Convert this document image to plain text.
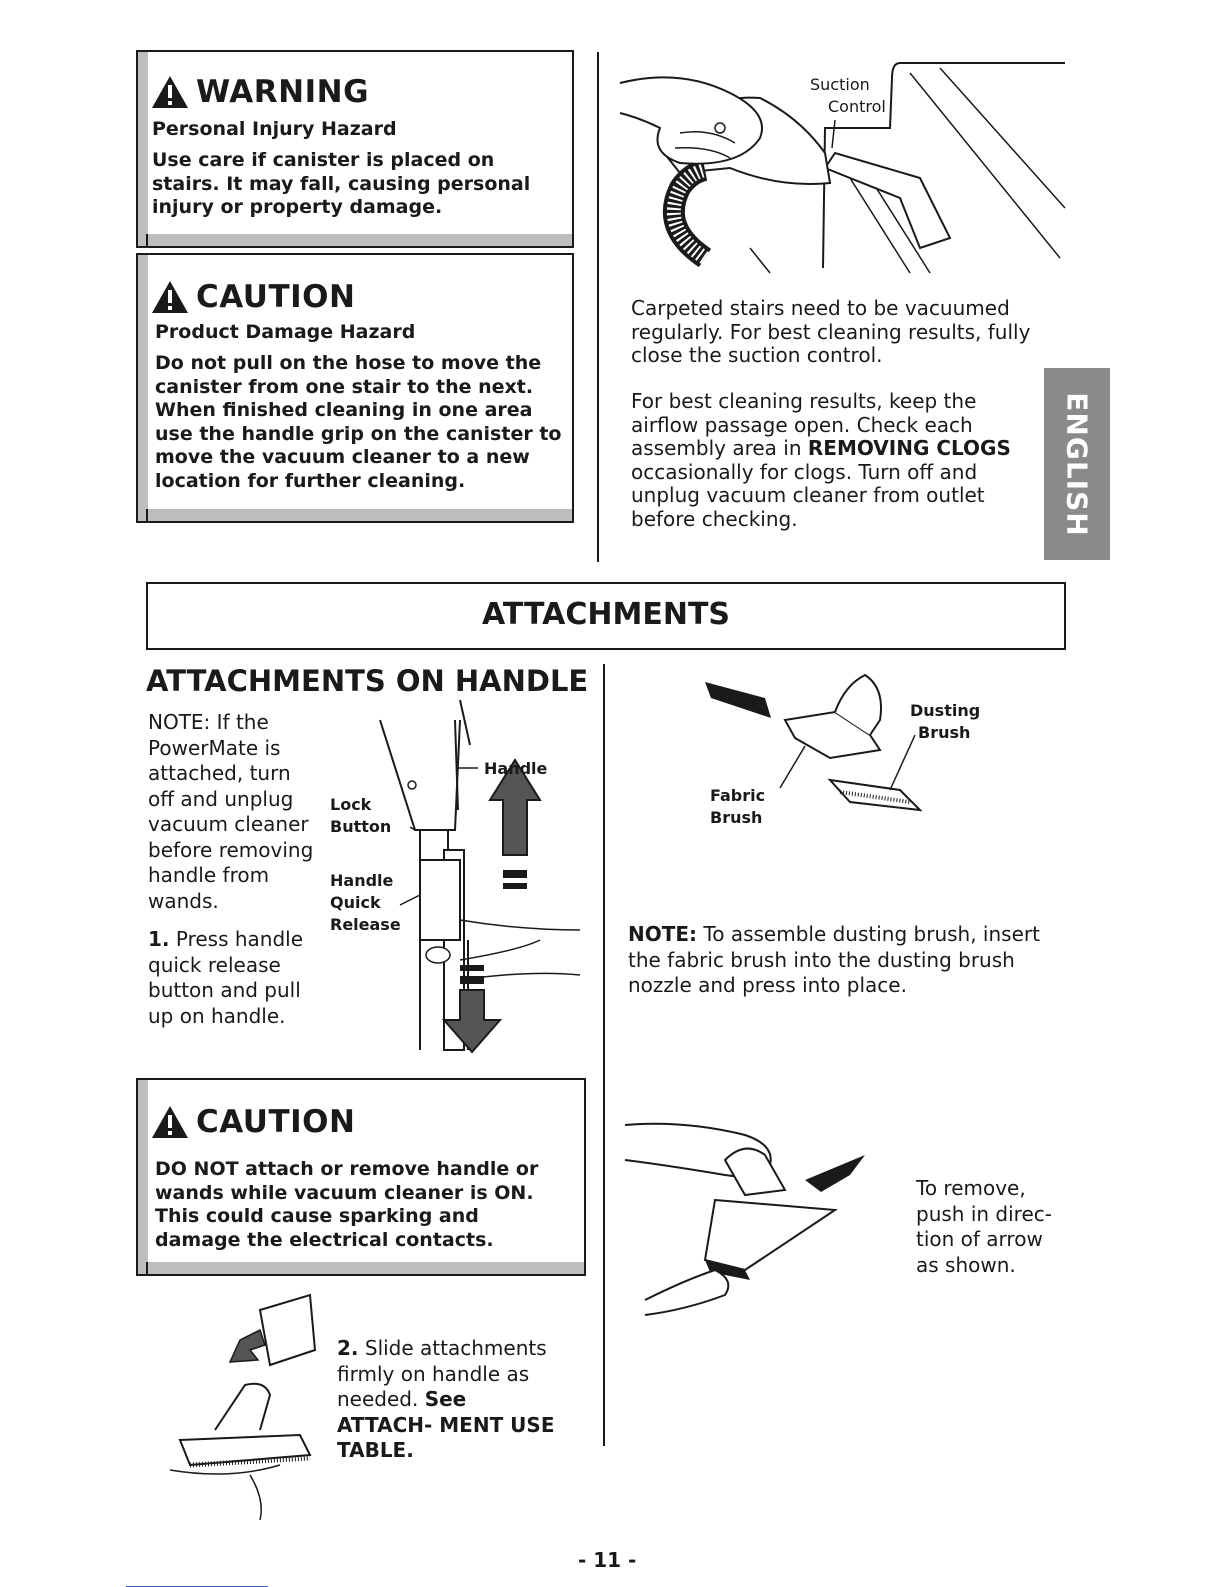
WARNING
Personal Injury Hazard
Use care if canister is placed on stairs. It may fall, causing personal injury or property damage.
CAUTION
Product Damage Hazard
Do not pull on the hose to move the canister from one stair to the next. When finished cleaning in one area use the handle grip on the canister to move the vacuum cleaner to a new location for further cleaning.
Suction
Control
Carpeted stairs need to be vacuumed regularly. For best cleaning results, fully close the suction control.
For best cleaning results, keep the airflow passage open. Check each assembly area in REMOVING CLOGS occasionally for clogs. Turn off and unplug vacuum cleaner from outlet before checking.	ENGLISH
ATTACHMENTS
ATTACHMENTS ON HANDLE
NOTE: If the PowerMate is attached, turn off and unplug vacuum cleaner before removing handle from wands.
1. Press handle quick release button and pull up on handle.
Handle
Lock
Button
Handle
Quick
Release
Dusting
Brush
Fabric
Brush
NOTE: To assemble dusting brush, insert the fabric brush into the dusting brush nozzle and press into place.
CAUTION
DO NOT attach or remove handle or wands while vacuum cleaner is ON. This could cause sparking and damage the electrical contacts.
To remove, push in direc- tion of arrow as shown.
2. Slide attachments firmly on handle as needed. See ATTACH- MENT USE TABLE.
- 11 -
